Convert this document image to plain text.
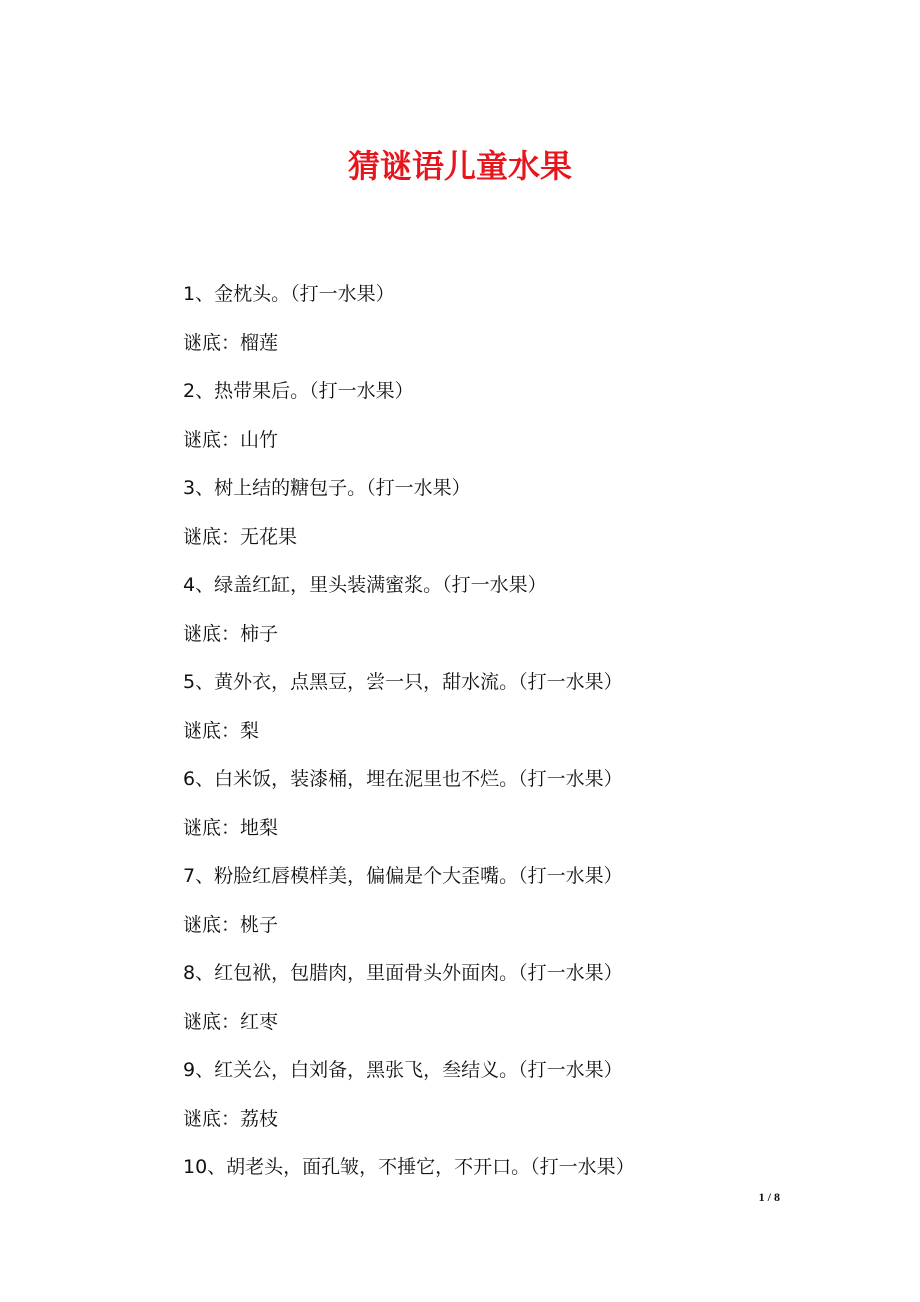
猜谜语儿童水果
1、金枕头。（打一水果）
谜底：榴莲
2、热带果后。（打一水果）
谜底：山竹
3、树上结的糖包子。（打一水果）
谜底：无花果
4、绿盖红缸，里头装满蜜浆。（打一水果）
谜底：柿子
5、黄外衣，点黑豆，尝一只，甜水流。（打一水果）
谜底：梨
6、白米饭，装漆桶，埋在泥里也不烂。（打一水果）
谜底：地梨
7、粉脸红唇模样美，偏偏是个大歪嘴。（打一水果）
谜底：桃子
8、红包袱，包腊肉，里面骨头外面肉。（打一水果）
谜底：红枣
9、红关公，白刘备，黑张飞，叁结义。（打一水果）
谜底：荔枝
10、胡老头，面孔皱，不捶它，不开口。（打一水果）
1 / 8
